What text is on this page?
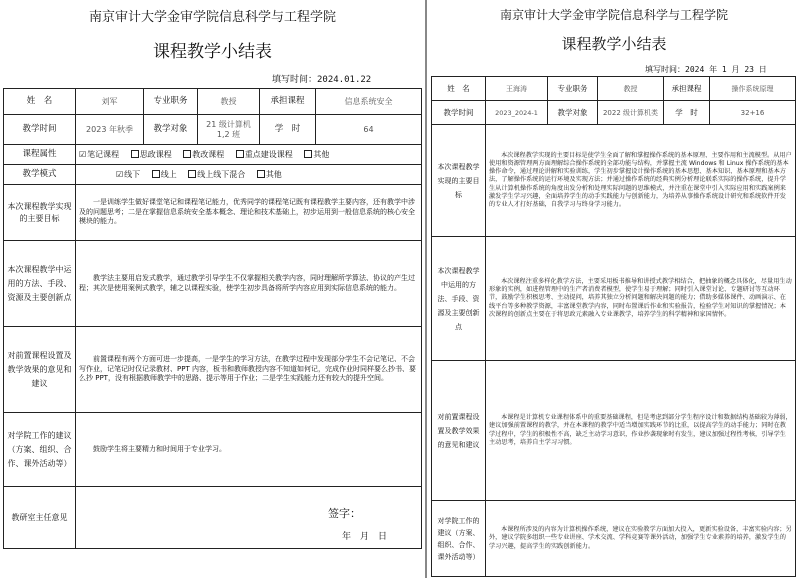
南京审计大学金审学院信息科学与工程学院
课程教学小结表
填写时间：2024.01.22
姓　名	刘军	专业职务	教授	承担课程	信息系统安全
教学时间	2023 年秋季	教学对象	21 级计算机 1,2 班	学　时	64
课程属性	☑笔记课程 思政课程 教改课程 重点建设课程 其他				
教学模式	☑线下 线上 线上线下混合 其他				
本次课程教学实现的主要目标	一是训练学生做好课堂笔记和课程笔记能力，优秀同学的课程笔记既有课程教学主要内容，还有教学中涉及的问题思考；二是在掌握信息系统安全基本概念、理论和技术基础上，初步运用到一般信息系统的核心安全模块的能力。				
本次课程教学中运用的方法、手段、资源及主要创新点	教学法主要用启发式教学，通过教学引导学生不仅掌握相关教学内容，同时理解所学算法、协议的产生过程；其次是使用案例式教学，辅之以课程实验，使学生初步具备将所学内容应用到实际信息系统的能力。				
对前置课程设置及教学效果的意见和建议	前置课程有两个方面可进一步提高，一是学生的学习方法，在教学过程中发现部分学生不会记笔记、不会写作业，记笔记时仅记录教材、PPT 内容，板书和教师教授内容不知道如何记，完成作业时同样要么抄书、要么抄 PPT，没有根据教师教学中的思路、提示等用于作业；二是学生实践能力还有较大的提升空间。				
对学院工作的建议（方案、组织、合作、课外活动等）	鼓励学生将主要精力和时间用于专业学习。				
教研室主任意见	签字：
年　月　日				
南京审计大学金审学院信息科学与工程学院
课程教学小结表
填写时间：2024 年 1 月 23 日
姓　名	王海涛	专业职务	教授	承担课程	操作系统原理
教学时间	2023_2024-1	教学对象	2022 级计算机类	学　时	32+16
本次课程教学实现的主要目标	本次课程教学实现的主要目标是使学生全面了解和掌握操作系统的基本原理、主要作用和主流模型。从用户使用和资源管理两方面理解综合操作系统的全部功能与结构，并掌握主流 Windows 和 Linux 操作系统的基本操作命令，通过理论讲解和实验训练，学生初步掌握设计操作系统的基本思想、基本知识、基本原理和基本方法，了解操作系统的运行环境及实现方法；并通过操作系统的经典实例分析理论联系实际的操作系统，提升学生从计算机操作系统的角度出发分析和处理实际问题的思维模式，并注重在课堂中引入实际应用和实践案例来激发学生学习兴趣，全面培养学生的动手实践能力与创新能力，为培养从事操作系统设计研究和系统软件开发的专业人才打好基础，自我学习与终身学习能力。				
本次课程教学中运用的方法、手段、资源及主要创新点	本次课程注重多样化教学方法，主要采用板书推导和讲授式教学相结合，把抽象的概念具体化，尽量用生动形象的实例，如进程管理中的生产者消费者模型，使学生易于理解；同时引入课堂讨论、专题研讨等互动环节，鼓励学生积极思考、主动提问，培养其独立分析问题和解决问题的能力；借助多媒体课件、动画演示、在线平台等多种教学资源，丰富课堂教学内容，同时布置课后作业和实验报告，检验学生对知识的掌握情况；本次课程的创新点主要在于将思政元素融入专业课教学，培养学生的科学精神和家国情怀。				
对前置课程设置及教学效果的意见和建议	本课程是计算机专业课程体系中的重要基础课程，但是考虑到部分学生程序设计和数据结构基础较为薄弱，建议加强前置课程的教学，并在本课程的教学中适当增加实践环节的比重，以提高学生的动手能力；同时在教学过程中，学生的积极性不高，缺乏主动学习意识，作业抄袭现象时有发生，建议加强过程性考核，引导学生主动思考，培养自主学习习惯。				
对学院工作的建议（方案、组织、合作、课外活动等）	本课程所涉及的内容为计算机操作系统，建议在实验教学方面加大投入，更新实验设备，丰富实验内容；另外，建议学院多组织一些专业讲座、学术交流、学科竞赛等课外活动，加强学生专业素养的培养，激发学生的学习兴趣，提高学生的实践创新能力。				
